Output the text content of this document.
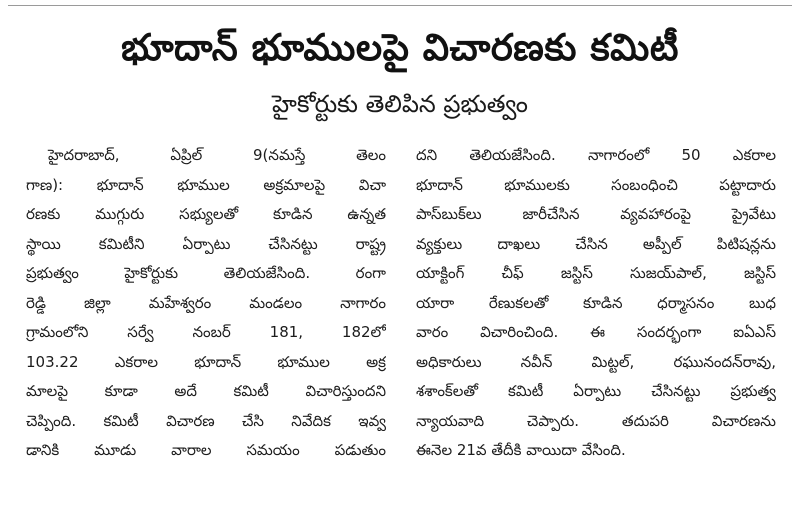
భూదాన్ భూములపై విచారణకు కమిటీ
హైకోర్టుకు తెలిపిన ప్రభుత్వం
హైదరాబాద్, ఏప్రిల్ 9(నమస్తే తెలం
గాణ): భూదాన్ భూముల అక్రమాలపై విచా
రణకు ముగ్గురు సభ్యులతో కూడిన ఉన్నత
స్థాయి కమిటీని ఏర్పాటు చేసినట్టు రాష్ట్ర
ప్రభుత్వం హైకోర్టుకు తెలియజేసింది. రంగా
రెడ్డి జిల్లా మహేశ్వరం మండలం నాగారం
గ్రామంలోని సర్వే నంబర్ 181, 182లో
103.22 ఎకరాల భూదాన్ భూముల అక్ర
మాలపై కూడా అదే కమిటీ విచారిస్తుందని
చెప్పింది. కమిటీ విచారణ చేసి నివేదిక ఇవ్వ
డానికి మూడు వారాల సమయం పడుతుం
దని తెలియజేసింది. నాగారంలో 50 ఎకరాల
భూదాన్ భూములకు సంబంధించి పట్టాదారు
పాస్‌బుక్‌లు జారీచేసిన వ్యవహారంపై ప్రైవేటు
వ్యక్తులు దాఖలు చేసిన అప్పీల్ పిటిషన్లను
యాక్టింగ్ చీఫ్ జస్టిస్ సుజయ్‌పాల్, జస్టిస్
యారా రేణుకలతో కూడిన ధర్మాసనం బుధ
వారం విచారించింది. ఈ సందర్భంగా ఐఏఎస్
అధికారులు నవీన్ మిట్టల్, రఘునందన్‌రావు,
శశాంక్‌లతో కమిటీ ఏర్పాటు చేసినట్టు ప్రభుత్వ
న్యాయవాది చెప్పారు. తదుపరి విచారణను
ఈనెల 21వ తేదీకి వాయిదా వేసింది.
